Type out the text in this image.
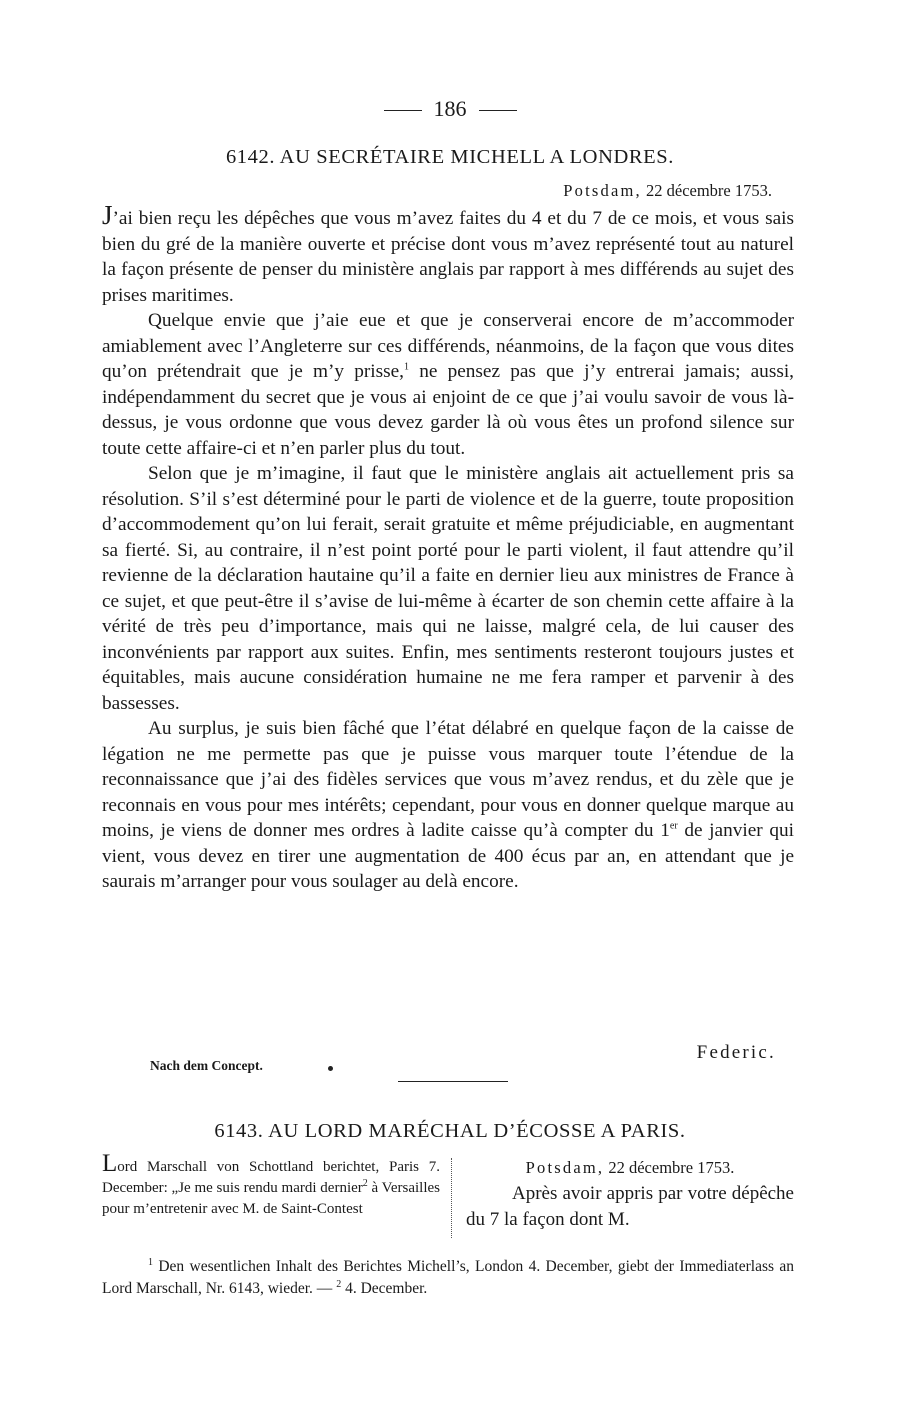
186
6142. AU SECRÉTAIRE MICHELL A LONDRES.
Potsdam, 22 décembre 1753.

J’ai bien reçu les dépêches que vous m’avez faites du 4 et du 7 de ce mois, et vous sais bien du gré de la manière ouverte et précise dont vous m’avez représenté tout au naturel la façon présente de penser du ministère anglais par rapport à mes différends au sujet des prises maritimes.

Quelque envie que j’aie eue et que je conserverai encore de m’accommoder amiablement avec l’Angleterre sur ces différends, néanmoins, de la façon que vous dites qu’on prétendrait que je m’y prisse,$^1$ ne pensez pas que j’y entrerai jamais; aussi, indépendamment du secret que je vous ai enjoint de ce que j’ai voulu savoir de vous là-dessus, je vous ordonne que vous devez garder là où vous êtes un profond silence sur toute cette affaire-ci et n’en parler plus du tout.

Selon que je m’imagine, il faut que le ministère anglais ait actuellement pris sa résolution. S’il s’est déterminé pour le parti de violence et de la guerre, toute proposition d’accommodement qu’on lui ferait, serait gratuite et même préjudiciable, en augmentant sa fierté. Si, au contraire, il n’est point porté pour le parti violent, il faut attendre qu’il revienne de la déclaration hautaine qu’il a faite en dernier lieu aux ministres de France à ce sujet, et que peut-être il s’avise de lui-même à écarter de son chemin cette affaire à la vérité de très peu d’importance, mais qui ne laisse, malgré cela, de lui causer des inconvénients par rapport aux suites. Enfin, mes sentiments resteront toujours justes et équitables, mais aucune considération humaine ne me fera ramper et parvenir à des bassesses.

Au surplus, je suis bien fâché que l’état délabré en quelque façon de la caisse de légation ne me permette pas que je puisse vous marquer toute l’étendue de la reconnaissance que j’ai des fidèles services que vous m’avez rendus, et du zèle que je reconnais en vous pour mes intérêts; cependant, pour vous en donner quelque marque au moins, je viens de donner mes ordres à ladite caisse qu’à compter du 1er de janvier qui vient, vous devez en tirer une augmentation de 400 écus par an, en attendant que je saurais m’arranger pour vous soulager au delà encore.

Federic.
Nach dem Concept.
6143. AU LORD MARÉCHAL D’ÉCOSSE A PARIS.
Lord Marschall von Schottland berichtet, Paris 7. December: „Je me suis rendu mardi dernier$^2$ à Versailles pour m’entretenir avec M. de Saint-Contest
Potsdam, 22 décembre 1753.
Après avoir appris par votre dépêche du 7 la façon dont M.
$^1$ Den wesentlichen Inhalt des Berichtes Michell’s, London 4. December, giebt der Immediaterlass an Lord Marschall, Nr. 6143, wieder. — $^2$ 4. December.
